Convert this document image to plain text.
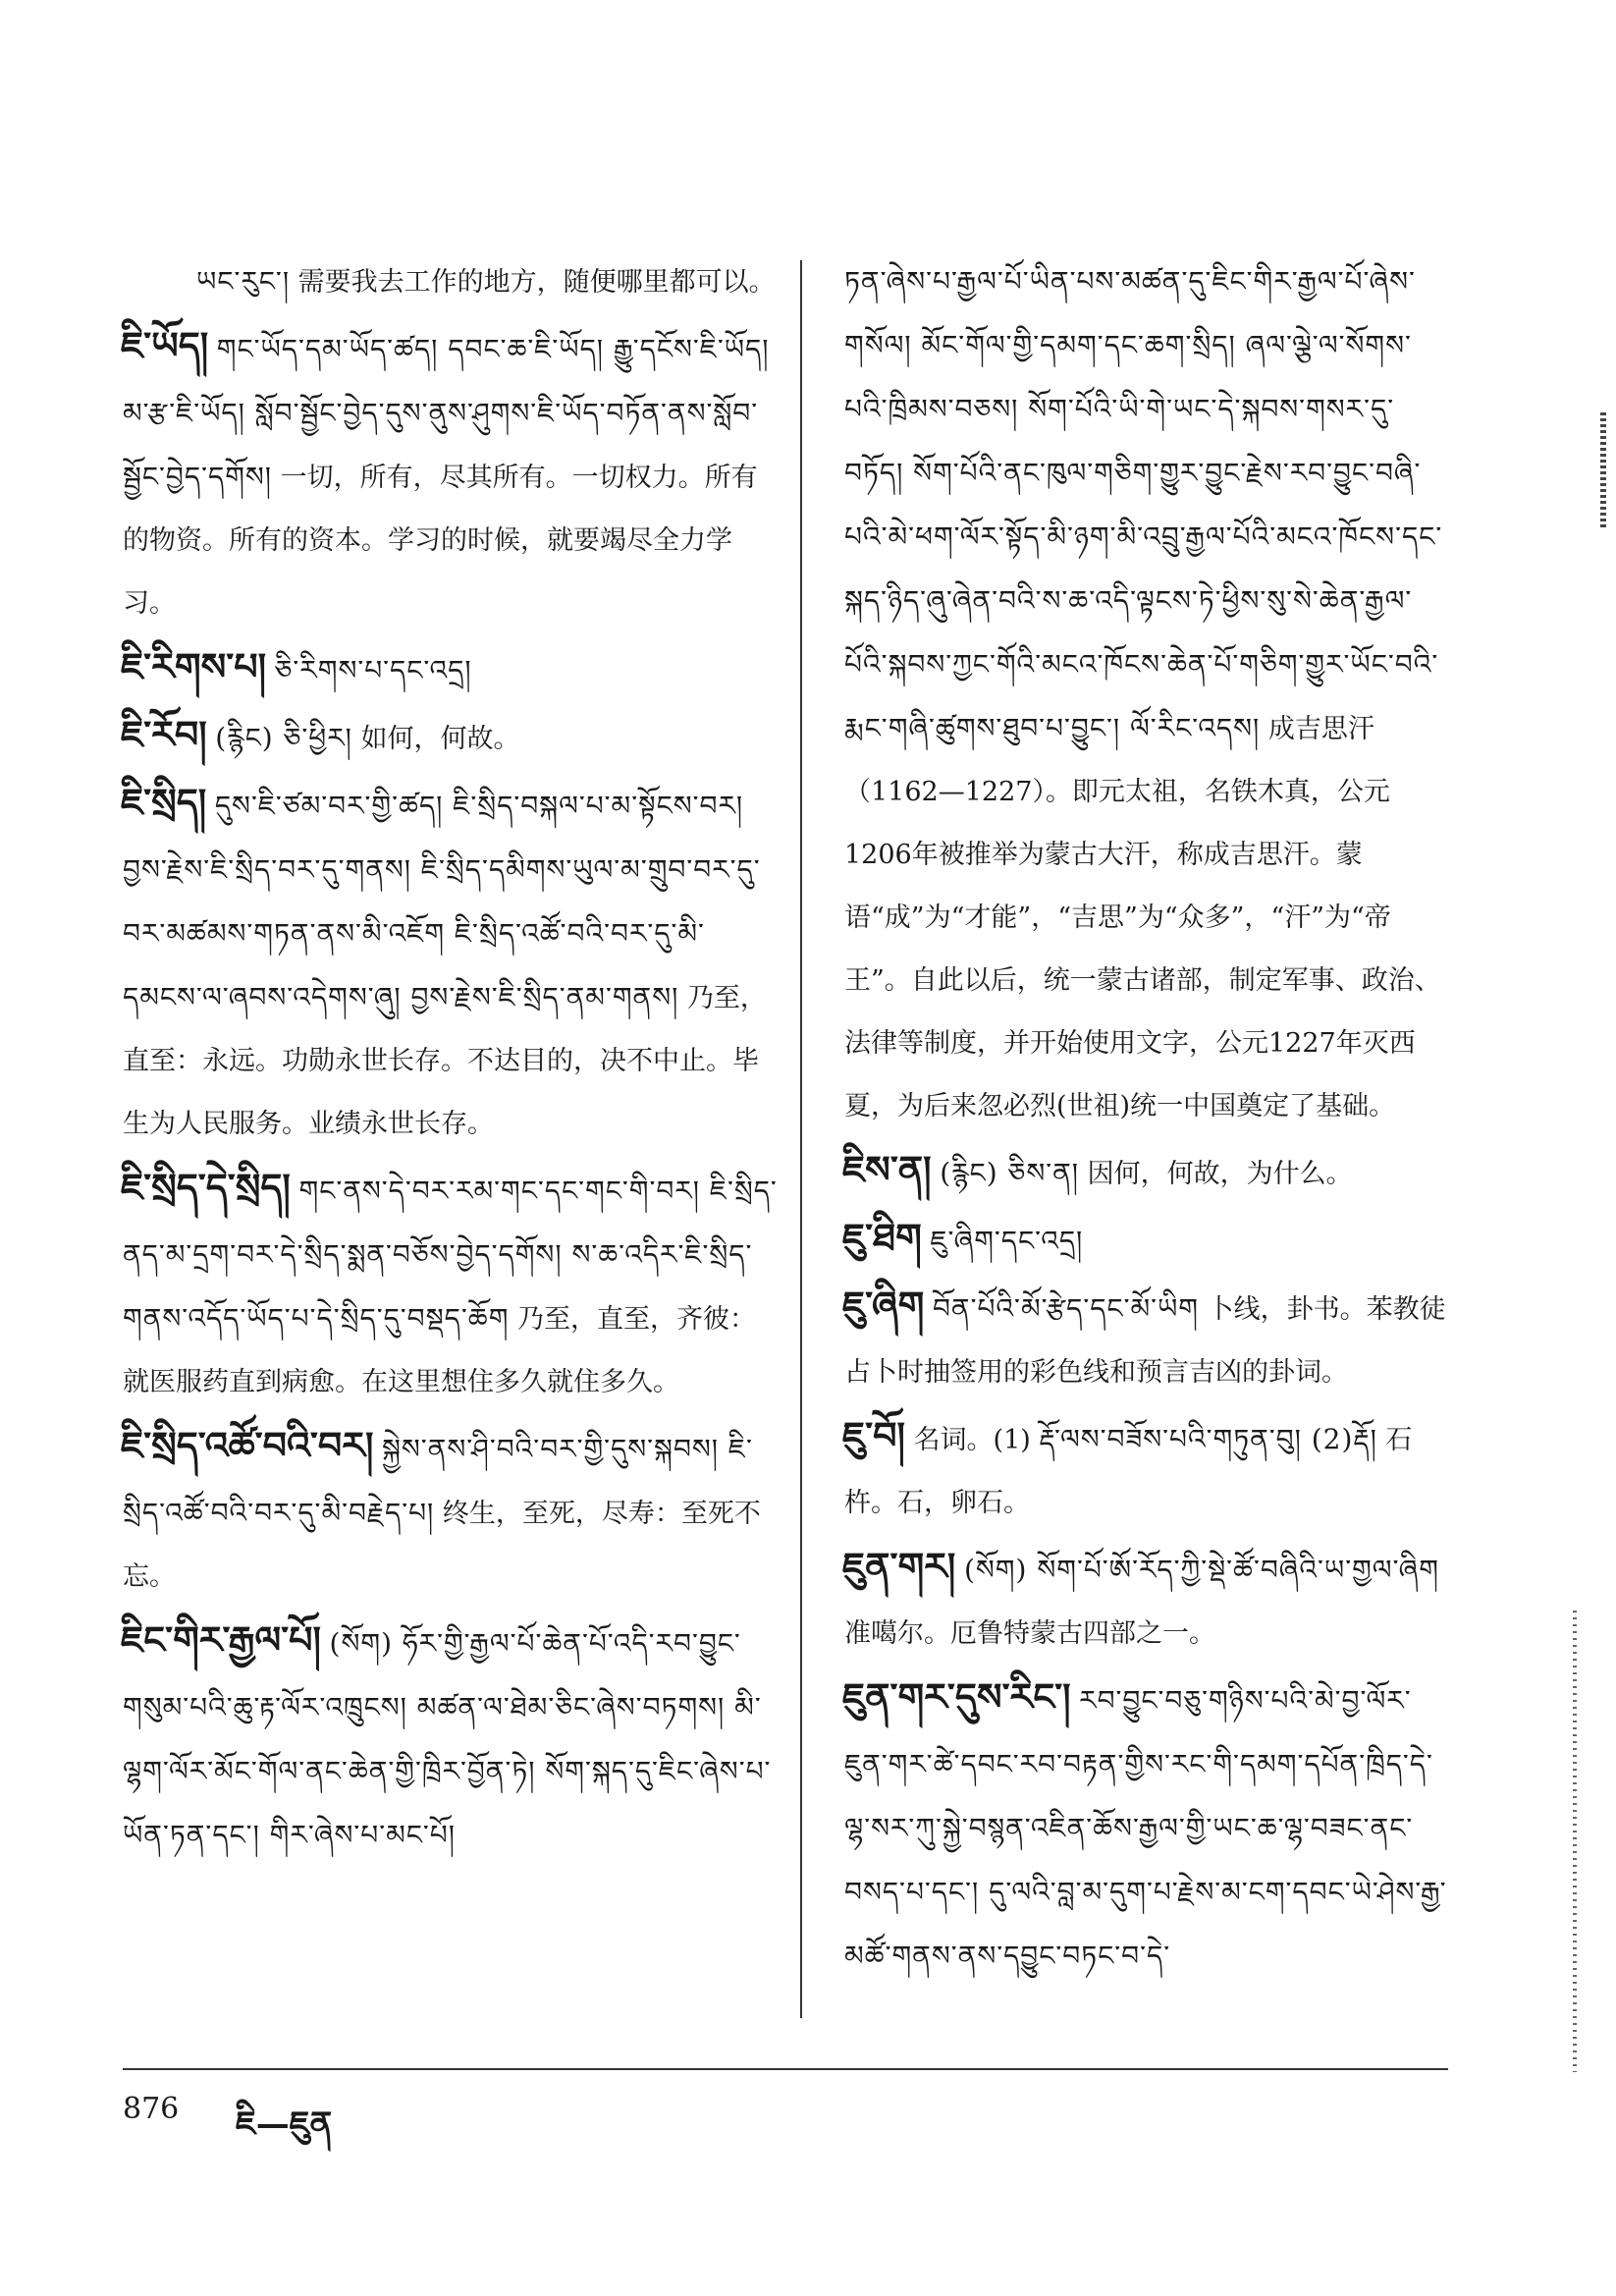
ཡང་རུང་། 需要我去工作的地方，随便哪里都可以。
ཇི་ཡོད། གང་ཡོད་དམ་ཡོད་ཚད། དབང་ཆ་ཇི་ཡོད། རྒྱུ་དངོས་ཇི་ཡོད། མ་རྩ་ཇི་ཡོད། སློབ་སྦྱོང་བྱེད་དུས་ནུས་ཤུགས་ཇི་ཡོད་བཏོན་ནས་སློབ་སྦྱོང་བྱེད་དགོས། 一切，所有，尽其所有。一切权力。所有的物资。所有的资本。学习的时候，就要竭尽全力学习。
ཇི་རིགས་པ། ཅི་རིགས་པ་དང་འདྲ།
ཇི་རོབ། (རྙིང) ཅི་ཕྱིར། 如何，何故。
ཇི་སྲིད། དུས་ཇི་ཙམ་བར་གྱི་ཚད། ཇི་སྲིད་བསྐལ་པ་མ་སྟོངས་བར། བྱས་རྗེས་ཇི་སྲིད་བར་དུ་གནས། ཇི་སྲིད་དམིགས་ཡུལ་མ་གྲུབ་བར་དུ་བར་མཚམས་གཏན་ནས་མི་འཇོག ཇི་སྲིད་འཚོ་བའི་བར་དུ་མི་དམངས་ལ་ཞབས་འདེགས་ཞུ། བྱས་རྗེས་ཇི་སྲིད་ནམ་གནས། 乃至，直至：永远。功勋永世长存。不达目的，决不中止。毕生为人民服务。业绩永世长存。
ཇི་སྲིད་དེ་སྲིད། གང་ནས་དེ་བར་རམ་གང་དང་གང་གི་བར། ཇི་སྲིད་ནད་མ་དྲག་བར་དེ་སྲིད་སྨན་བཅོས་བྱེད་དགོས། ས་ཆ་འདིར་ཇི་སྲིད་གནས་འདོད་ཡོད་པ་དེ་སྲིད་དུ་བསྡད་ཆོག 乃至，直至，齐彼：就医服药直到病愈。在这里想住多久就住多久。
ཇི་སྲིད་འཚོ་བའི་བར། སྐྱེས་ནས་ཤི་བའི་བར་གྱི་དུས་སྐབས། ཇི་སྲིད་འཚོ་བའི་བར་དུ་མི་བརྗེད་པ། 终生，至死，尽寿：至死不忘。
ཇིང་གིར་རྒྱལ་པོ། (སོག) ཧོར་གྱི་རྒྱལ་པོ་ཆེན་པོ་འདི་རབ་བྱུང་གསུམ་པའི་ཆུ་རྟ་ལོར་འཁྲུངས། མཚན་ལ་ཐེམ་ཅིང་ཞེས་བཏགས། མི་ལྷག་ལོར་མོང་གོལ་ནང་ཆེན་གྱི་ཁྲིར་བྱོན་ཏེ། སོག་སྐད་དུ་ཇིང་ཞེས་པ་ཡོན་ཏན་དང་། གིར་ཞེས་པ་མང་པོ།
ཏན་ཞེས་པ་རྒྱལ་པོ་ཡིན་པས་མཚན་དུ་ཇིང་གིར་རྒྱལ་པོ་ཞེས་གསོལ། མོང་གོལ་གྱི་དམག་དང་ཆག་སྲིད། ཞལ་ལྕེ་ལ་སོགས་པའི་ཁྲིམས་བཅས། སོག་པོའི་ཡི་གེ་ཡང་དེ་སྐབས་གསར་དུ་བཏོད། སོག་པོའི་ནང་ཁུལ་གཅིག་གྱུར་བྱུང་རྗེས་རབ་བྱུང་བཞི་པའི་མེ་ཕག་ལོར་སྟོད་མི་ཉག་མི་འབྲུ་རྒྱལ་པོའི་མངའ་ཁོངས་དང་སྐད་ཉིད་ཞུ་ཞེན་བའི་ས་ཆ་འདི་ལྟངས་ཏེ་ཕྱིས་སུ་སེ་ཆེན་རྒྱལ་པོའི་སྐབས་ཀྱང་གོའི་མངའ་ཁོངས་ཆེན་པོ་གཅིག་གྱུར་ཡོང་བའི་རྨང་གཞི་ཚུགས་ཐུབ་པ་བྱུང་། ལོ་རིང་འདས། 成吉思汗（1162—1227）。即元太祖，名铁木真，公元1206年被推举为蒙古大汗，称成吉思汗。蒙语“成”为“才能”，“吉思”为“众多”，“汗”为“帝王”。自此以后，统一蒙古诸部，制定军事、政治、法律等制度，并开始使用文字，公元1227年灭西夏，为后来忽必烈(世祖)统一中国奠定了基础。
ཇིས་ན། (རྙིང) ཅིས་ན། 因何，何故，为什么。
ཇུ་ཐིག ཇུ་ཞིག་དང་འདྲ།
ཇུ་ཞིག བོན་པོའི་མོ་རྩེད་དང་མོ་ཡིག 卜线，卦书。苯教徒占卜时抽签用的彩色线和预言吉凶的卦词。
ཇུ་བོ། 名词。(1) རྡོ་ལས་བཟོས་པའི་གཏུན་བུ། (2)རྡོ། 石杵。石，卵石。
ཇུན་གར། (སོག) སོག་པོ་ཨོ་རོད་ཀྱི་སྡེ་ཚོ་བཞིའི་ཡ་གྱལ་ཞིག 准噶尔。厄鲁特蒙古四部之一。
ཇུན་གར་དུས་རིང་། རབ་བྱུང་བཅུ་གཉིས་པའི་མེ་བྱ་ལོར་ཇུན་གར་ཚེ་དབང་རབ་བརྟན་གྱིས་རང་གི་དམག་དཔོན་ཁྲིད་དེ་ལྷ་སར་ཀུ་སྐྱེ་བསྙན་འཇིན་ཆོས་རྒྱལ་གྱི་ཡང་ཆ་ལྷ་བཟང་ནང་བསད་པ་དང་། དུ་ལའི་བླ་མ་དུག་པ་རྗེས་མ་ངག་དབང་ཡེ་ཤེས་རྒྱ་མཚོ་གནས་ནས་དབྱུང་བཏང་བ་དེ་
876 ཇི—ཇུན
